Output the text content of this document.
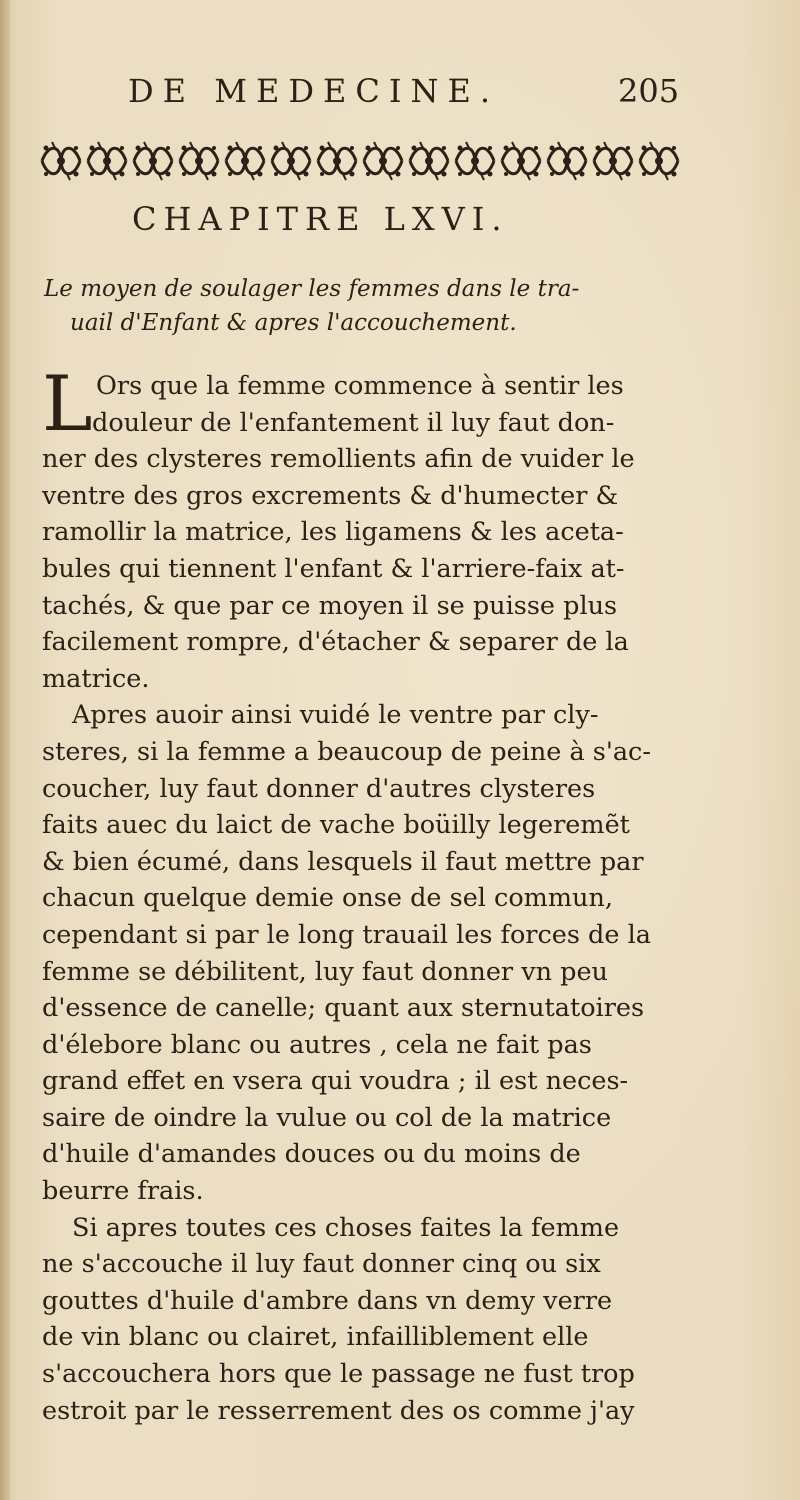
DE MEDECINE.	205
CHAPITRE LXVI.
Le moyen de soulager les femmes dans le tra-
uail d'Enfant & apres l'accouchement.
L Ors que la femme commence à sentir les
douleur de l'enfantement il luy faut don-
ner des clysteres remollients afin de vuider le
ventre des gros excrements & d'humecter &
ramollir la matrice, les ligamens & les aceta-
bules qui tiennent l'enfant & l'arriere-faix at-
tachés, & que par ce moyen il se puisse plus
facilement rompre, d'étacher & separer de la
matrice.
Apres auoir ainsi vuidé le ventre par cly-
steres, si la femme a beaucoup de peine à s'ac-
coucher, luy faut donner d'autres clysteres
faits auec du laict de vache boüilly legeremẽt
& bien écumé, dans lesquels il faut mettre par
chacun quelque demie onse de sel commun,
cependant si par le long trauail les forces de la
femme se débilitent, luy faut donner vn peu
d'essence de canelle; quant aux sternutatoires
d'élebore blanc ou autres , cela ne fait pas
grand effet en vsera qui voudra ; il est neces-
saire de oindre la vulue ou col de la matrice
d'huile d'amandes douces ou du moins de
beurre frais.
Si apres toutes ces choses faites la femme
ne s'accouche il luy faut donner cinq ou six
gouttes d'huile d'ambre dans vn demy verre
de vin blanc ou clairet, infailliblement elle
s'accouchera hors que le passage ne fust trop
estroit par le resserrement des os comme j'ay
